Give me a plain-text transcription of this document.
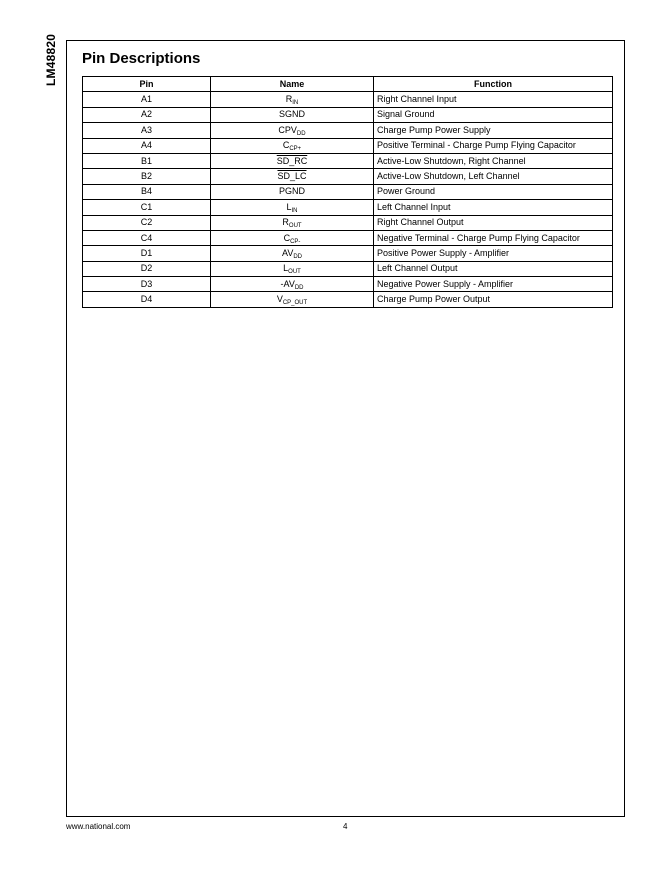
LM48820 Pin Descriptions
Pin	Name	Function
A1	$R_{IN}$	Right Channel Input
A2	SGND	Signal Ground
A3	$CPV_{DD}$	Charge Pump Power Supply
A4	$C_{CP+}$	Positive Terminal - Charge Pump Flying Capacitor
B1	SD_RC	Active-Low Shutdown, Right Channel
B2	SD_LC	Active-Low Shutdown, Left Channel
B4	PGND	Power Ground
C1	$L_{IN}$	Left Channel Input
C2	$R_{OUT}$	Right Channel Output
C4	$C_{CP-}$	Negative Terminal - Charge Pump Flying Capacitor
D1	$AV_{DD}$	Positive Power Supply - Amplifier
D2	$L_{OUT}$	Left Channel Output
D3	$-AV_{DD}$	Negative Power Supply - Amplifier
D4	$V_{CP\_OUT}$	Charge Pump Power Output
www.national.com	4
